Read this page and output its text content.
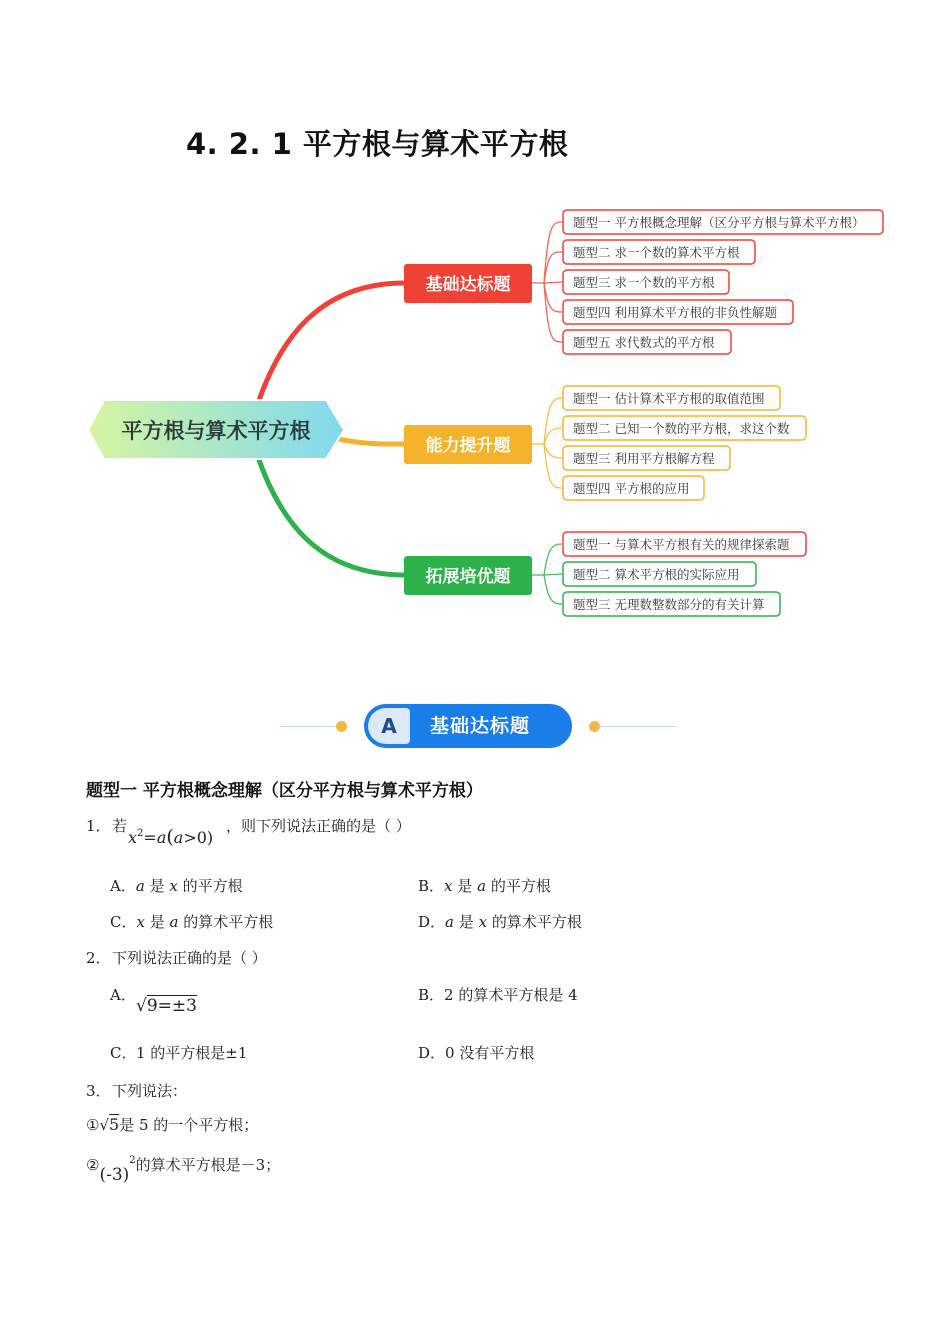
4. 2. 1 平方根与算术平方根
平方根与算术平方根
基础达标题
题型一 平方根概念理解（区分平方根与算术平方根）
题型二 求一个数的算术平方根
题型三 求一个数的平方根
题型四 利用算术平方根的非负性解题
题型五 求代数式的平方根
能力提升题
题型一 估计算术平方根的取值范围
题型二 已知一个数的平方根，求这个数
题型三 利用平方根解方程
题型四 平方根的应用
拓展培优题
题型一 与算术平方根有关的规律探索题
题型二 算术平方根的实际应用
题型三 无理数整数部分的有关计算
A	基础达标题
题型一 平方根概念理解（区分平方根与算术平方根）
1． 若
$x^2=a(a>0)$
，则下列说法正确的是（ ）
A．a 是 x 的平方根	B．x 是 a 的平方根
C．x 是 a 的算术平方根	D．a 是 x 的算术平方根
2． 下列说法正确的是（ ）
A．
√9=±3
B．2 的算术平方根是 4
C． 1 的平方根是±1	D．0 没有平方根
3． 下列说法：
①√5是 5 的一个平方根；
$②(-3)^2$的算术平方根是－3；
